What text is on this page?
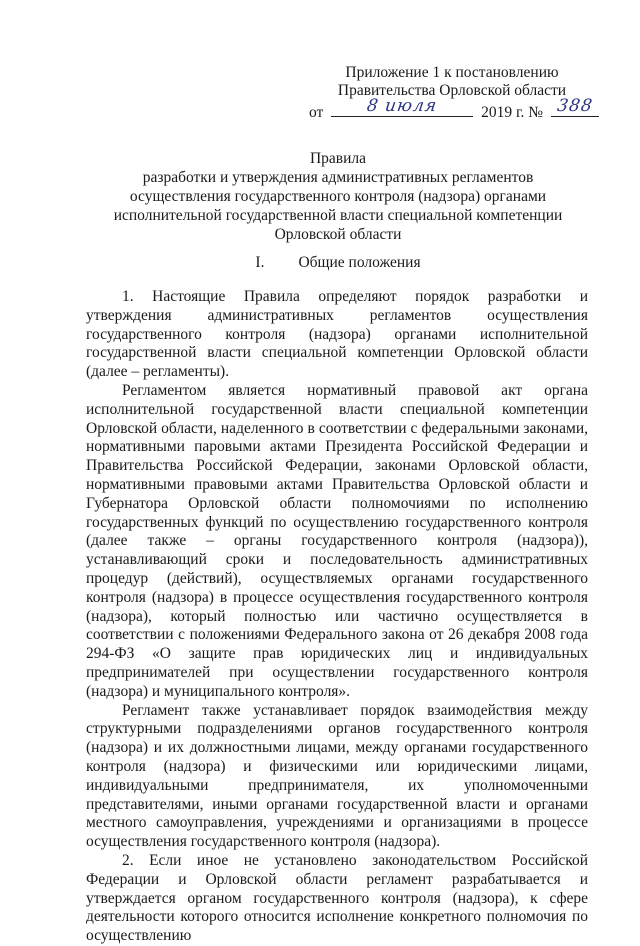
Приложение 1 к постановлению
Правительства Орловской области
от	8 июля	2019 г. № 388
Правила
разработки и утверждения административных регламентов
осуществления государственного контроля (надзора) органами
исполнительной государственной власти специальной компетенции
Орловской области
I. Общие положения

1. Настоящие Правила определяют порядок разработки и утверждения административных регламентов осуществления государственного контроля (надзора) органами исполнительной государственной власти специальной компетенции Орловской области (далее – регламенты).

Регламентом является нормативный правовой акт органа исполнительной государственной власти специальной компетенции Орловской области, наделенного в соответствии с федеральными законами, нормативными паровыми актами Президента Российской Федерации и Правительства Российской Федерации, законами Орловской области, нормативными правовыми актами Правительства Орловской области и Губернатора Орловской области полномочиями по исполнению государственных функций по осуществлению государственного контроля (далее также – органы государственного контроля (надзора)), устанавливающий сроки и последовательность административных процедур (действий), осуществляемых органами государственного контроля (надзора) в процессе осуществления государственного контроля (надзора), который полностью или частично осуществляется в соответствии с положениями Федерального закона от 26 декабря 2008 года 294-ФЗ «О защите прав юридических лиц и индивидуальных предпринимателей при осуществлении государственного контроля (надзора) и муниципального контроля».

Регламент также устанавливает порядок взаимодействия между структурными подразделениями органов государственного контроля (надзора) и их должностными лицами, между органами государственного контроля (надзора) и физическими или юридическими лицами, индивидуальными предпринимателя, их уполномоченными представителями, иными органами государственной власти и органами местного самоуправления, учреждениями и организациями в процессе осуществления государственного контроля (надзора).

2. Если иное не установлено законодательством Российской Федерации и Орловской области регламент разрабатывается и утверждается органом государственного контроля (надзора), к сфере деятельности которого относится исполнение конкретного полномочия по осуществлению
